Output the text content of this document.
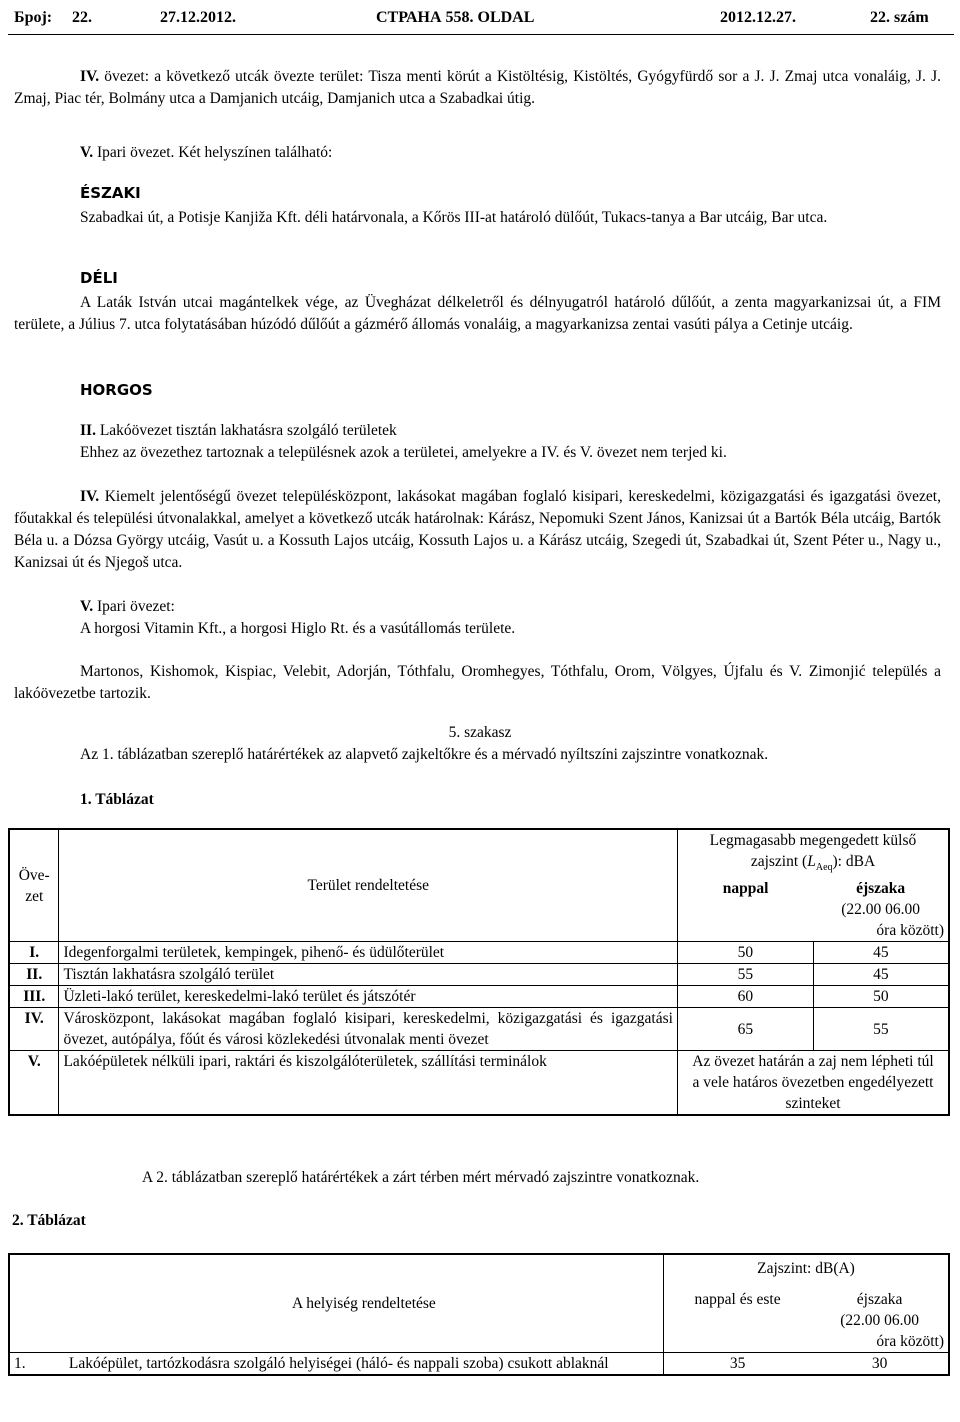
Број: 22.	27.12.2012.	СТРАНА 558. OLDAL	2012.12.27.	22. szám
IV. övezet: a következő utcák övezte terület: Tisza menti körút a Kistöltésig, Kistöltés, Gyógyfürdő sor a J. J. Zmaj utca vonaláig, J. J. Zmaj, Piac tér, Bolmány utca a Damjanich utcáig, Damjanich utca a Szabadkai útig.
V. Ipari övezet. Két helyszínen található:
ÉSZAKI
Szabadkai út, a Potisje Kanjiža Kft. déli határvonala, a Kőrös III-at határoló dülőút, Tukacs-tanya a Bar utcáig, Bar utca.
DÉLI
A Laták István utcai magántelkek vége, az Üvegházat délkeletről és délnyugatról határoló dűlőút, a zenta magyarkanizsai út, a FIM területe, a Július 7. utca folytatásában húzódó dűlőút a gázmérő állomás vonaláig, a magyarkanizsa zentai vasúti pálya a Cetinje utcáig.
HORGOS
II. Lakóövezet tisztán lakhatásra szolgáló területek
Ehhez az övezethez tartoznak a településnek azok a területei, amelyekre a IV. és V. övezet nem terjed ki.
IV. Kiemelt jelentőségű övezet településközpont, lakásokat magában foglaló kisipari, kereskedelmi, közigazgatási és igazgatási övezet, főutakkal és települési útvonalakkal, amelyet a következő utcák határolnak: Kárász, Nepomuki Szent János, Kanizsai út a Bartók Béla utcáig, Bartók Béla u. a Dózsa György utcáig, Vasút u. a Kossuth Lajos utcáig, Kossuth Lajos u. a Kárász utcáig, Szegedi út, Szabadkai út, Szent Péter u., Nagy u., Kanizsai út és Njegoš utca.
V. Ipari övezet:
A horgosi Vitamin Kft., a horgosi Higlo Rt. és a vasútállomás területe.
Martonos, Kishomok, Kispiac, Velebit, Adorján, Tóthfalu, Oromhegyes, Tóthfalu, Orom, Völgyes, Újfalu és V. Zimonjić település a lakóövezetbe tartozik.
5. szakasz
Az 1. táblázatban szereplő határértékek az alapvető zajkeltőkre és a mérvadó nyíltszíni zajszintre vonatkoznak.
1. Táblázat
Öve-
zet	Terület rendeltetése	Legmagasabb megengedett külső
zajszint $(L_{Aeq})$: dBA	
		nappal	éjszaka
(22.00 06.00

óra között)

I.	Idegenforgalmi területek, kempingek, pihenő- és üdülőterület	50	45
II.	Tisztán lakhatásra szolgáló terület	55	45
III.	Üzleti-lakó terület, kereskedelmi-lakó terület és játszótér	60	50
IV.	Városközpont, lakásokat magában foglaló kisipari, kereskedelmi, közigazgatási és igazgatási övezet, autópálya, főút és városi közlekedési útvonalak menti övezet	65	55
V.	Lakóépületek nélküli ipari, raktári és kiszolgálóterületek, szállítási terminálok	Az övezet határán a zaj nem lépheti túl a vele határos övezetben engedélyezett szinteket	
A 2. táblázatban szereplő határértékek a zárt térben mért mérvadó zajszintre vonatkoznak.
2. Táblázat
	A helyiség rendeltetése	Zajszint: dB(A)	
		nappal és este	éjszaka
(22.00 06.00

óra között)

1.	Lakóépület, tartózkodásra szolgáló helyiségei (háló- és nappali szoba) csukott ablaknál	35	30
